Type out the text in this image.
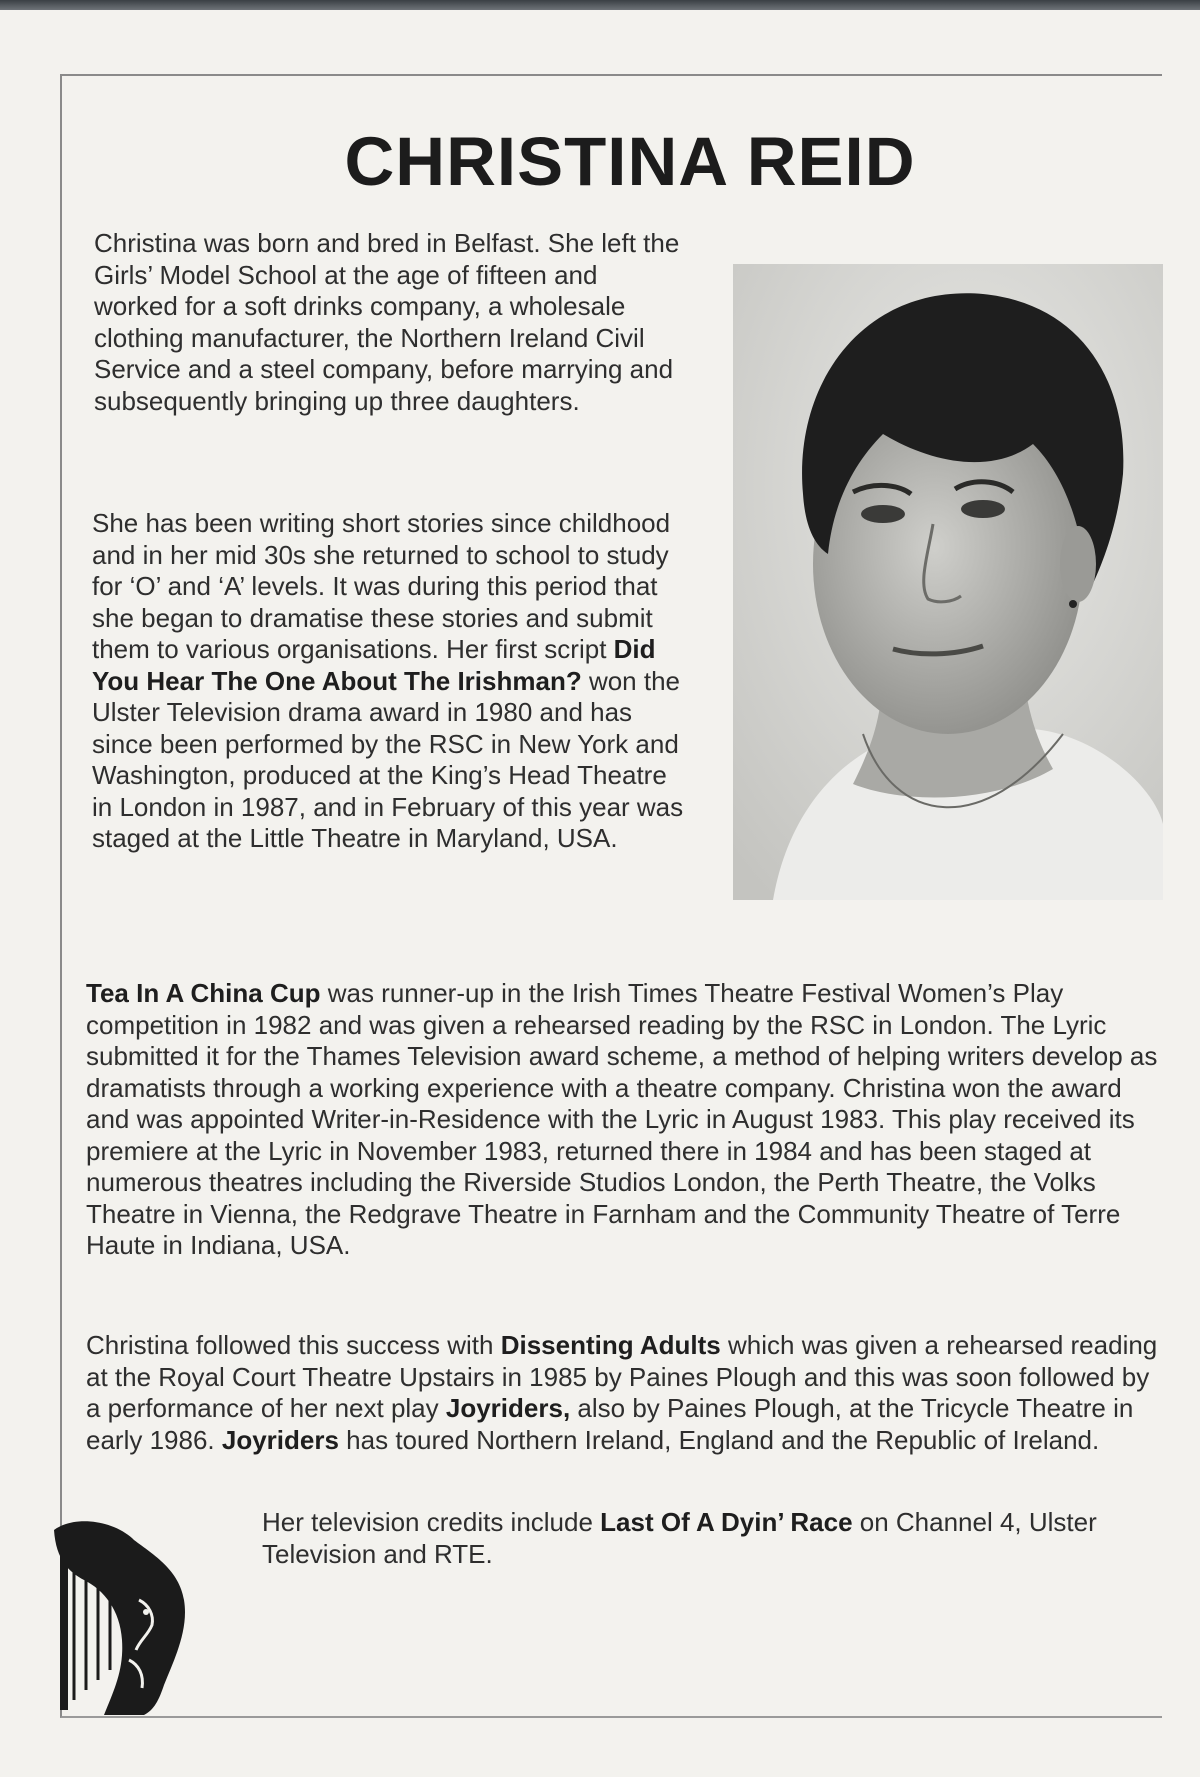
CHRISTINA REID

Christina was born and bred in Belfast. She left the Girls’ Model School at the age of fifteen and worked for a soft drinks company, a wholesale clothing manufacturer, the Northern Ireland Civil Service and a steel company, before marrying and subsequently bringing up three daughters.

She has been writing short stories since childhood and in her mid 30s she returned to school to study for ‘O’ and ‘A’ levels. It was during this period that she began to dramatise these stories and submit them to various organisations. Her first script Did You Hear The One About The Irishman? won the Ulster Television drama award in 1980 and has since been performed by the RSC in New York and Washington, produced at the King’s Head Theatre in London in 1987, and in February of this year was staged at the Little Theatre in Maryland, USA.

Tea In A China Cup was runner-up in the Irish Times Theatre Festival Women’s Play competition in 1982 and was given a rehearsed reading by the RSC in London. The Lyric submitted it for the Thames Television award scheme, a method of helping writers develop as dramatists through a working experience with a theatre company. Christina won the award and was appointed Writer-in-Residence with the Lyric in August 1983. This play received its premiere at the Lyric in November 1983, returned there in 1984 and has been staged at numerous theatres including the Riverside Studios London, the Perth Theatre, the Volks Theatre in Vienna, the Redgrave Theatre in Farnham and the Community Theatre of Terre Haute in Indiana, USA.

Christina followed this success with Dissenting Adults which was given a rehearsed reading at the Royal Court Theatre Upstairs in 1985 by Paines Plough and this was soon followed by a performance of her next play Joyriders, also by Paines Plough, at the Tricycle Theatre in early 1986. Joyriders has toured Northern Ireland, England and the Republic of Ireland.

Her television credits include Last Of A Dyin’ Race on Channel 4, Ulster Television and RTE.
